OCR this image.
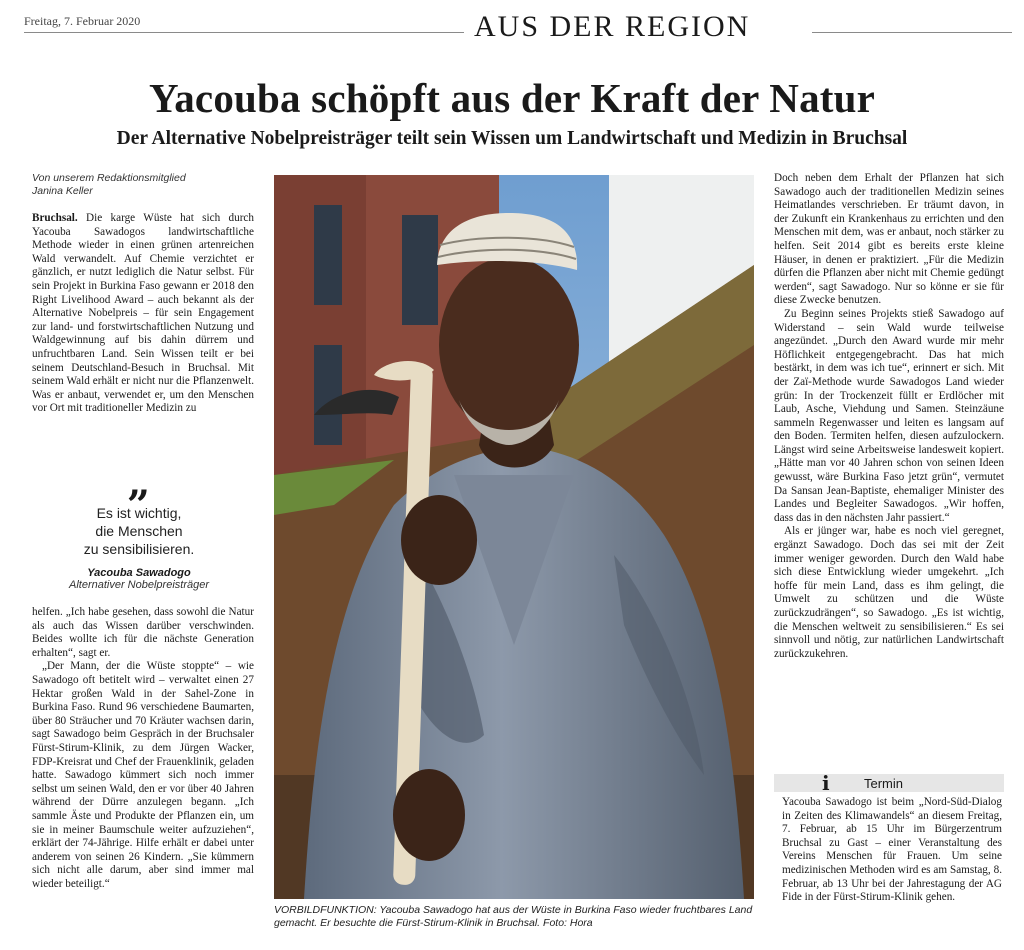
Freitag, 7. Februar 2020	AUS DER REGION
Yacouba schöpft aus der Kraft der Natur
Der Alternative Nobelpreisträger teilt sein Wissen um Landwirtschaft und Medizin in Bruchsal
Von unserem Redaktionsmitglied
Janina Keller

Bruchsal. Die karge Wüste hat sich durch Yacouba Sawadogos landwirtschaftliche Methode wieder in einen grünen artenreichen Wald verwandelt. Auf Chemie verzichtet er gänzlich, er nutzt lediglich die Natur selbst. Für sein Projekt in Burkina Faso gewann er 2018 den Right Livelihood Award – auch bekannt als der Alternative Nobelpreis – für sein Engagement zur land- und forstwirtschaftlichen Nutzung und Waldgewinnung auf bis dahin dürrem und unfruchtbaren Land. Sein Wissen teilt er bei seinem Deutschland-Besuch in Bruchsal. Mit seinem Wald erhält er nicht nur die Pflanzenwelt. Was er anbaut, verwendet er, um den Menschen vor Ort mit traditioneller Medizin zu

„
Es ist wichtig,
die Menschen
zu sensibilisieren.
Yacouba Sawadogo
Alternativer Nobelpreisträger

helfen. „Ich habe gesehen, dass sowohl die Natur als auch das Wissen darüber verschwinden. Beides wollte ich für die nächste Generation erhalten“, sagt er.

„Der Mann, der die Wüste stoppte“ – wie Sawadogo oft betitelt wird – verwaltet einen 27 Hektar großen Wald in der Sahel-Zone in Burkina Faso. Rund 96 verschiedene Baumarten, über 80 Sträucher und 70 Kräuter wachsen darin, sagt Sawadogo beim Gespräch in der Bruchsaler Fürst-Stirum-Klinik, zu dem Jürgen Wacker, FDP-Kreisrat und Chef der Frauenklinik, geladen hatte. Sawadogo kümmert sich noch immer selbst um seinen Wald, den er vor über 40 Jahren während der Dürre anzulegen begann. „Ich sammle Äste und Produkte der Pflanzen ein, um sie in meiner Baumschule weiter aufzuziehen“, erklärt der 74-Jährige. Hilfe erhält er dabei unter anderem von seinen 26 Kindern. „Sie kümmern sich nicht alle darum, aber sind immer mal wieder beteiligt.“

VORBILDFUNKTION: Yacouba Sawadogo hat aus der Wüste in Burkina Faso wieder fruchtbares Land gemacht. Er besuchte die Fürst-Stirum-Klinik in Bruchsal. Foto: Hora

Doch neben dem Erhalt der Pflanzen hat sich Sawadogo auch der traditionellen Medizin seines Heimatlandes verschrieben. Er träumt davon, in der Zukunft ein Krankenhaus zu errichten und den Menschen mit dem, was er anbaut, noch stärker zu helfen. Seit 2014 gibt es bereits erste kleine Häuser, in denen er praktiziert. „Für die Medizin dürfen die Pflanzen aber nicht mit Chemie gedüngt werden“, sagt Sawadogo. Nur so könne er sie für diese Zwecke benutzen.

Zu Beginn seines Projekts stieß Sawadogo auf Widerstand – sein Wald wurde teilweise angezündet. „Durch den Award wurde mir mehr Höflichkeit entgegengebracht. Das hat mich bestärkt, in dem was ich tue“, erinnert er sich. Mit der Zaï-Methode wurde Sawadogos Land wieder grün: In der Trockenzeit füllt er Erdlöcher mit Laub, Asche, Viehdung und Samen. Steinzäune sammeln Regenwasser und leiten es langsam auf den Boden. Termiten helfen, diesen aufzulockern. Längst wird seine Arbeitsweise landesweit kopiert. „Hätte man vor 40 Jahren schon von seinen Ideen gewusst, wäre Burkina Faso jetzt grün“, vermutet Da Sansan Jean-Baptiste, ehemaliger Minister des Landes und Begleiter Sawadogos. „Wir hoffen, dass das in den nächsten Jahr passiert.“

Als er jünger war, habe es noch viel geregnet, ergänzt Sawadogo. Doch das sei mit der Zeit immer weniger geworden. Durch den Wald habe sich diese Entwicklung wieder umgekehrt. „Ich hoffe für mein Land, dass es ihm gelingt, die Umwelt zu schützen und die Wüste zurückzudrängen“, so Sawadogo. „Es ist wichtig, die Menschen weltweit zu sensibilisieren.“ Es sei sinnvoll und nötig, zur natürlichen Landwirtschaft zurückzukehren.

i	Termin

Yacouba Sawadogo ist beim „Nord-Süd-Dialog in Zeiten des Klimawandels“ an diesem Freitag, 7. Februar, ab 15 Uhr im Bürgerzentrum Bruchsal zu Gast – einer Veranstaltung des Vereins Menschen für Frauen. Um seine medizinischen Methoden wird es am Samstag, 8. Februar, ab 13 Uhr bei der Jahrestagung der AG Fide in der Fürst-Stirum-Klinik gehen.
